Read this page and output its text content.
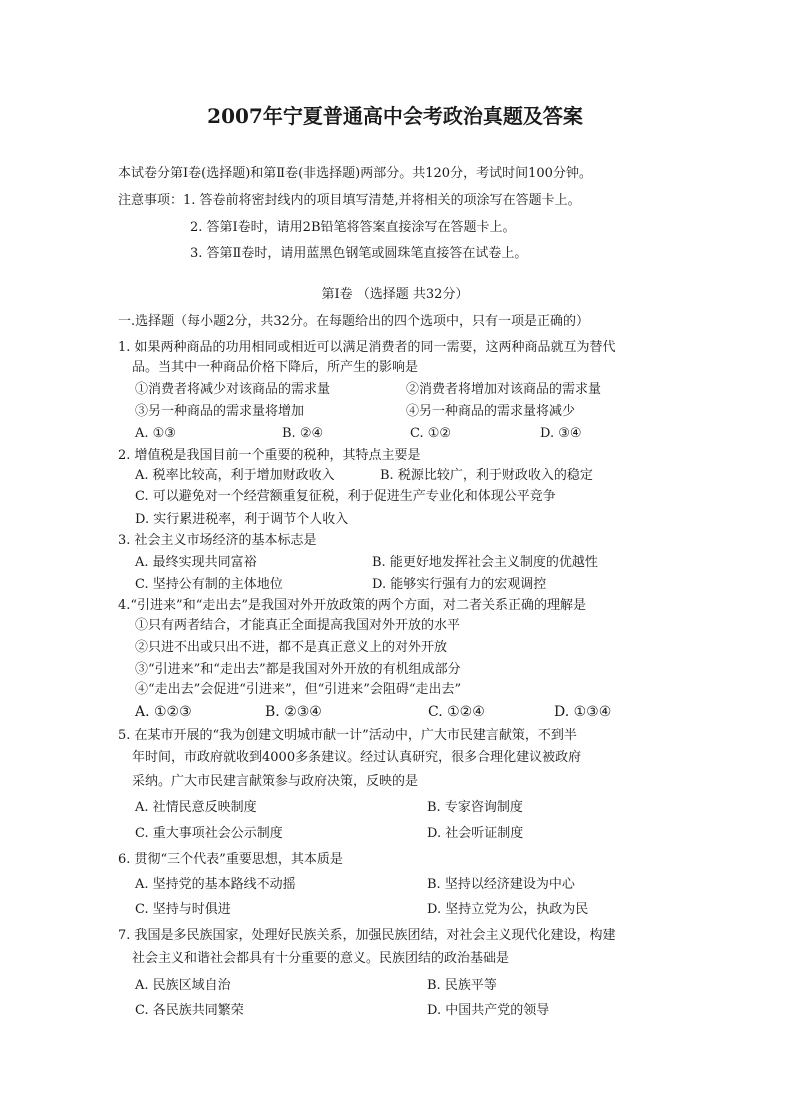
2007年宁夏普通高中会考政治真题及答案
本试卷分第Ⅰ卷(选择题)和第Ⅱ卷(非选择题)两部分。共120分，考试时间100分钟。
注意事项：1. 答卷前将密封线内的项目填写清楚,并将相关的项涂写在答题卡上。
2. 答第Ⅰ卷时，请用2B铅笔将答案直接涂写在答题卡上。
3. 答第Ⅱ卷时，请用蓝黑色钢笔或圆珠笔直接答在试卷上。
第Ⅰ卷 （选择题 共32分）
一.选择题（每小题2分，共32分。在每题给出的四个选项中，只有一项是正确的）
1. 如果两种商品的功用相同或相近可以满足消费者的同一需要，这两种商品就互为替代
品。当其中一种商品价格下降后，所产生的影响是
①消费者将减少对该商品的需求量	②消费者将增加对该商品的需求量
③另一种商品的需求量将增加	④另一种商品的需求量将减少
A. ①③	B. ②④	C. ①②	D. ③④
2. 增值税是我国目前一个重要的税种，其特点主要是
A. 税率比较高，利于增加财政收入	B. 税源比较广，利于财政收入的稳定
C. 可以避免对一个经营额重复征税，利于促进生产专业化和体现公平竞争
D. 实行累进税率，利于调节个人收入
3. 社会主义市场经济的基本标志是
A. 最终实现共同富裕	B. 能更好地发挥社会主义制度的优越性
C. 坚持公有制的主体地位	D. 能够实行强有力的宏观调控
4.“引进来”和“走出去”是我国对外开放政策的两个方面，对二者关系正确的理解是
①只有两者结合，才能真正全面提高我国对外开放的水平
②只进不出或只出不进，都不是真正意义上的对外开放
③“引进来”和“走出去”都是我国对外开放的有机组成部分
④“走出去”会促进“引进来”，但“引进来”会阻碍“走出去”
A. ①②③	B. ②③④	C. ①②④	D. ①③④
5. 在某市开展的“我为创建文明城市献一计”活动中，广大市民建言献策，不到半
年时间，市政府就收到4000多条建议。经过认真研究，很多合理化建议被政府
采纳。广大市民建言献策参与政府决策，反映的是
A. 社情民意反映制度	B. 专家咨询制度
C. 重大事项社会公示制度	D. 社会听证制度
6. 贯彻“三个代表”重要思想，其本质是
A. 坚持党的基本路线不动摇	B. 坚持以经济建设为中心
C. 坚持与时俱进	D. 坚持立党为公，执政为民
7. 我国是多民族国家，处理好民族关系，加强民族团结，对社会主义现代化建设，构建
社会主义和谐社会都具有十分重要的意义。民族团结的政治基础是
A. 民族区域自治	B. 民族平等
C. 各民族共同繁荣	D. 中国共产党的领导
